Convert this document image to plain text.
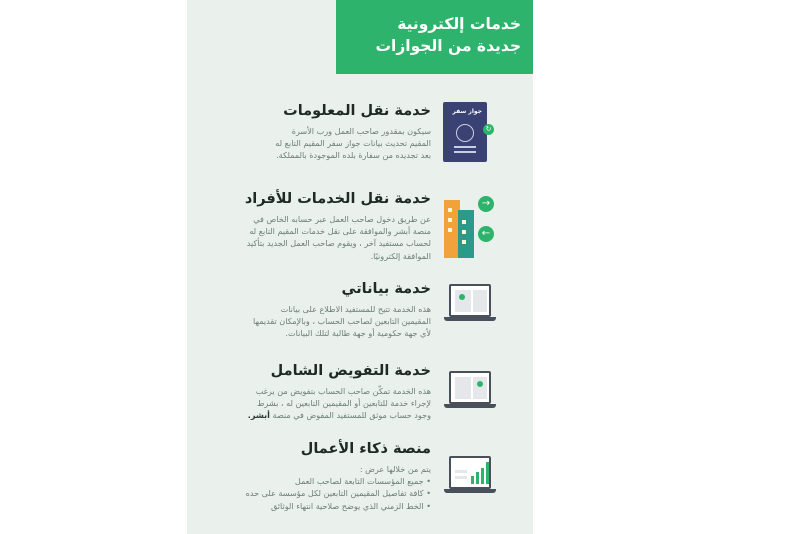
خدمات إلكترونية
جديدة من الجوازات
خدمة نقل المعلومات
سيكون بمقدور صاحب العمل ورب الأسرة
المقيم تحديث بيانات جواز سفر المقيم التابع له
بعد تجديده من سفارة بلده الموجودة بالمملكة.
جواز سفر
↻
خدمة نقل الخدمات للأفراد
عن طريق دخول صاحب العمل عبر حسابه الخاص في
منصة أبشر والموافقة على نقل خدمات المقيم التابع له
لحساب مستفيد آخر ، ويقوم صاحب العمل الجديد بتأكيد
الموافقة إلكترونيًا.
→
←
خدمة بياناتي
هذه الخدمة تتيح للمستفيد الاطلاع على بيانات
المقيمين التابعين لصاحب الحساب ، وبالإمكان تقديمها
لأي جهة حكومية أو جهة طالبة لتلك البيانات.
خدمة التفويض الشامل
هذه الخدمة تمكّن صاحب الحساب بتفويض من يرغب
لإجراء خدمة للتابعين أو المقيمين التابعين له ، بشرط
وجود حساب موثق للمستفيد المفوض في منصة أبشر.
منصة ذكاء الأعمال
يتم من خلالها عرض :
• جميع المؤسسات التابعة لصاحب العمل
• كافة تفاصيل المقيمين التابعين لكل مؤسسة على حده
• الخط الزمني الذي يوضح صلاحية انتهاء الوثائق
